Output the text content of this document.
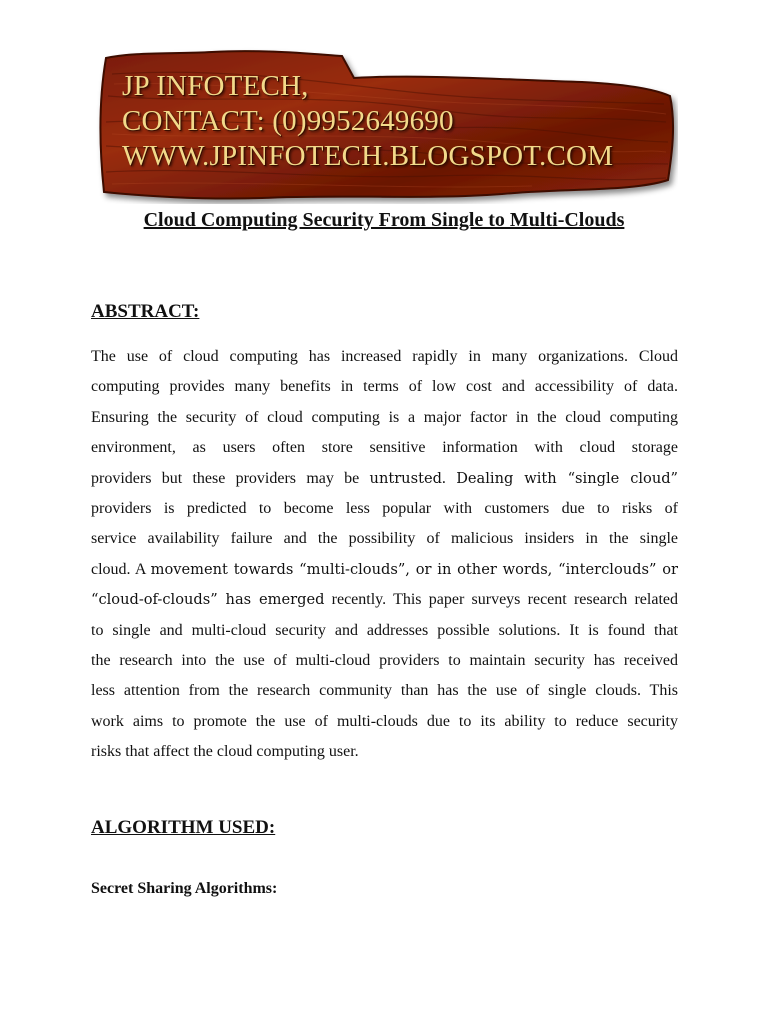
JP INFOTECH,

CONTACT: (0)9952649690

WWW.JPINFOTECH.BLOGSPOT.COM

Cloud Computing Security From Single to Multi-Clouds
ABSTRACT:
The use of cloud computing has increased rapidly in many organizations. Cloud
computing provides many benefits in terms of low cost and accessibility of data.
Ensuring the security of cloud computing is a major factor in the cloud computing
environment, as users often store sensitive information with cloud storage
providers but these providers may be untrusted. Dealing with “single cloud”
providers is predicted to become less popular with customers due to risks of
service availability failure and the possibility of malicious insiders in the single
cloud. A movement towards “multi-clouds”, or in other words, “interclouds” or
“cloud-of-clouds” has emerged recently. This paper surveys recent research related
to single and multi-cloud security and addresses possible solutions. It is found that
the research into the use of multi-cloud providers to maintain security has received
less attention from the research community than has the use of single clouds. This
work aims to promote the use of multi-clouds due to its ability to reduce security
risks that affect the cloud computing user.
ALGORITHM USED:

Secret Sharing Algorithms:
